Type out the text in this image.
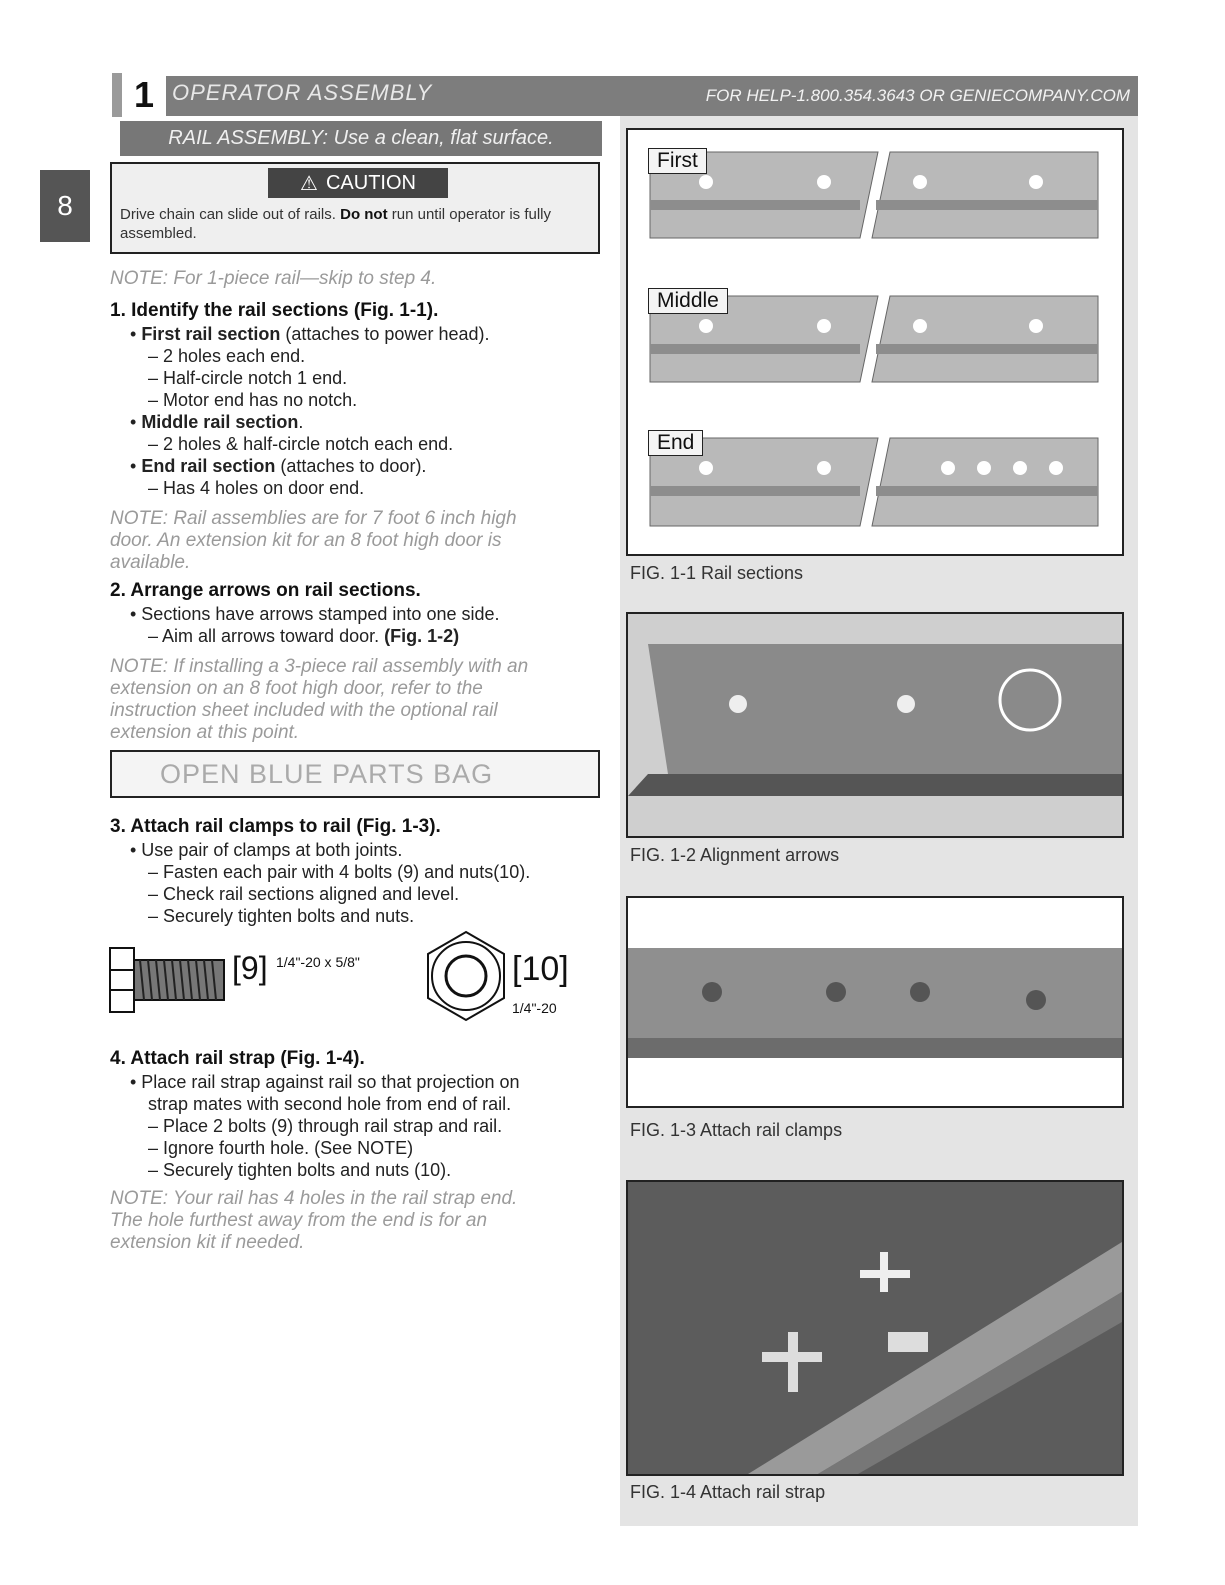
1 OPERATOR ASSEMBLY	FOR HELP-1.800.354.3643 OR GENIECOMPANY.COM
8
RAIL ASSEMBLY: Use a clean, flat surface.
⚠ CAUTION
Drive chain can slide out of rails. Do not run until operator is fully assembled.
NOTE: For 1-piece rail—skip to step 4.
1. Identify the rail sections (Fig. 1-1).
• First rail section (attaches to power head).
– 2 holes each end.
– Half-circle notch 1 end.
– Motor end has no notch.
• Middle rail section.
– 2 holes & half-circle notch each end.
• End rail section (attaches to door).
– Has 4 holes on door end.
NOTE: Rail assemblies are for 7 foot 6 inch high
door. An extension kit for an 8 foot high door is
available.
2. Arrange arrows on rail sections.
• Sections have arrows stamped into one side.
– Aim all arrows toward door. (Fig. 1-2)
NOTE: If installing a 3-piece rail assembly with an
extension on an 8 foot high door, refer to the
instruction sheet included with the optional rail
extension at this point.
OPEN BLUE PARTS BAG
3. Attach rail clamps to rail (Fig. 1-3).
• Use pair of clamps at both joints.
– Fasten each pair with 4 bolts (9) and nuts(10).
– Check rail sections aligned and level.
– Securely tighten bolts and nuts.
[9] 1/4"-20 x 5/8"	[10]
1/4"-20
4. Attach rail strap (Fig. 1-4).
• Place rail strap against rail so that projection on
strap mates with second hole from end of rail.
– Place 2 bolts (9) through rail strap and rail.
– Ignore fourth hole. (See NOTE)
– Securely tighten bolts and nuts (10).
NOTE: Your rail has 4 holes in the rail strap end.
The hole furthest away from the end is for an
extension kit if needed.
First
Middle
End
FIG. 1-1 Rail sections
FIG. 1-2 Alignment arrows
FIG. 1-3 Attach rail clamps
FIG. 1-4 Attach rail strap
